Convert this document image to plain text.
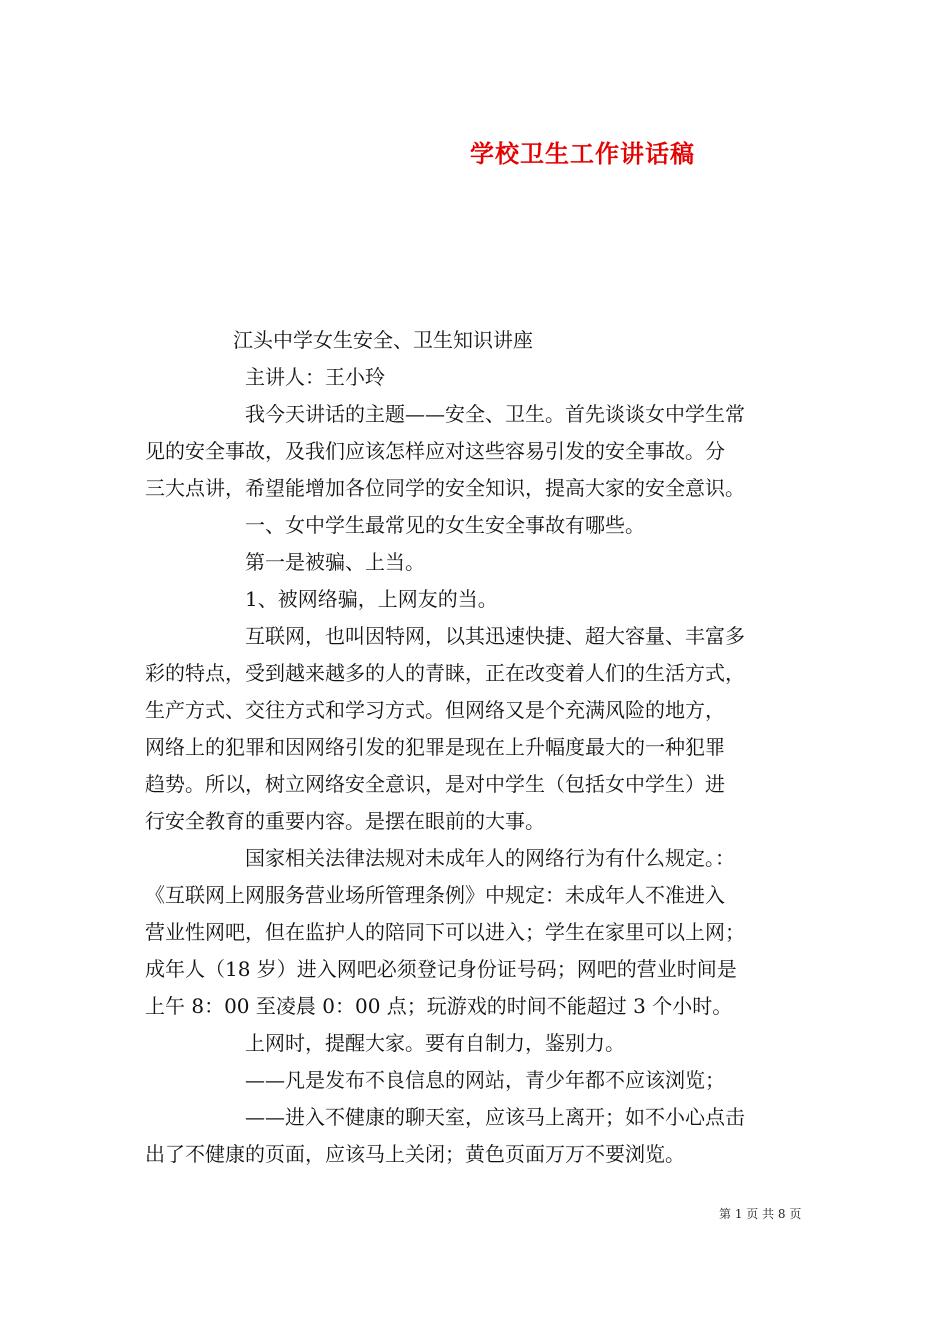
学校卫生工作讲话稿
江头中学女生安全、卫生知识讲座
主讲人：王小玲
我今天讲话的主题——安全、卫生。首先谈谈女中学生常
见的安全事故，及我们应该怎样应对这些容易引发的安全事故。分
三大点讲，希望能增加各位同学的安全知识，提高大家的安全意识。
一、女中学生最常见的女生安全事故有哪些。
第一是被骗、上当。
1、被网络骗，上网友的当。
互联网，也叫因特网，以其迅速快捷、超大容量、丰富多
彩的特点，受到越来越多的人的青睐，正在改变着人们的生活方式，
生产方式、交往方式和学习方式。但网络又是个充满风险的地方，
网络上的犯罪和因网络引发的犯罪是现在上升幅度最大的一种犯罪
趋势。所以，树立网络安全意识，是对中学生（包括女中学生）进
行安全教育的重要内容。是摆在眼前的大事。
国家相关法律法规对未成年人的网络行为有什么规定。：
《互联网上网服务营业场所管理条例》中规定：未成年人不准进入
营业性网吧，但在监护人的陪同下可以进入；学生在家里可以上网；
成年人（18 岁）进入网吧必须登记身份证号码；网吧的营业时间是
上午 8：00 至凌晨 0：00 点；玩游戏的时间不能超过 3 个小时。
上网时，提醒大家。要有自制力，鉴别力。
——凡是发布不良信息的网站，青少年都不应该浏览；
——进入不健康的聊天室，应该马上离开；如不小心点击
出了不健康的页面，应该马上关闭；黄色页面万万不要浏览。
第 1 页 共 8 页
